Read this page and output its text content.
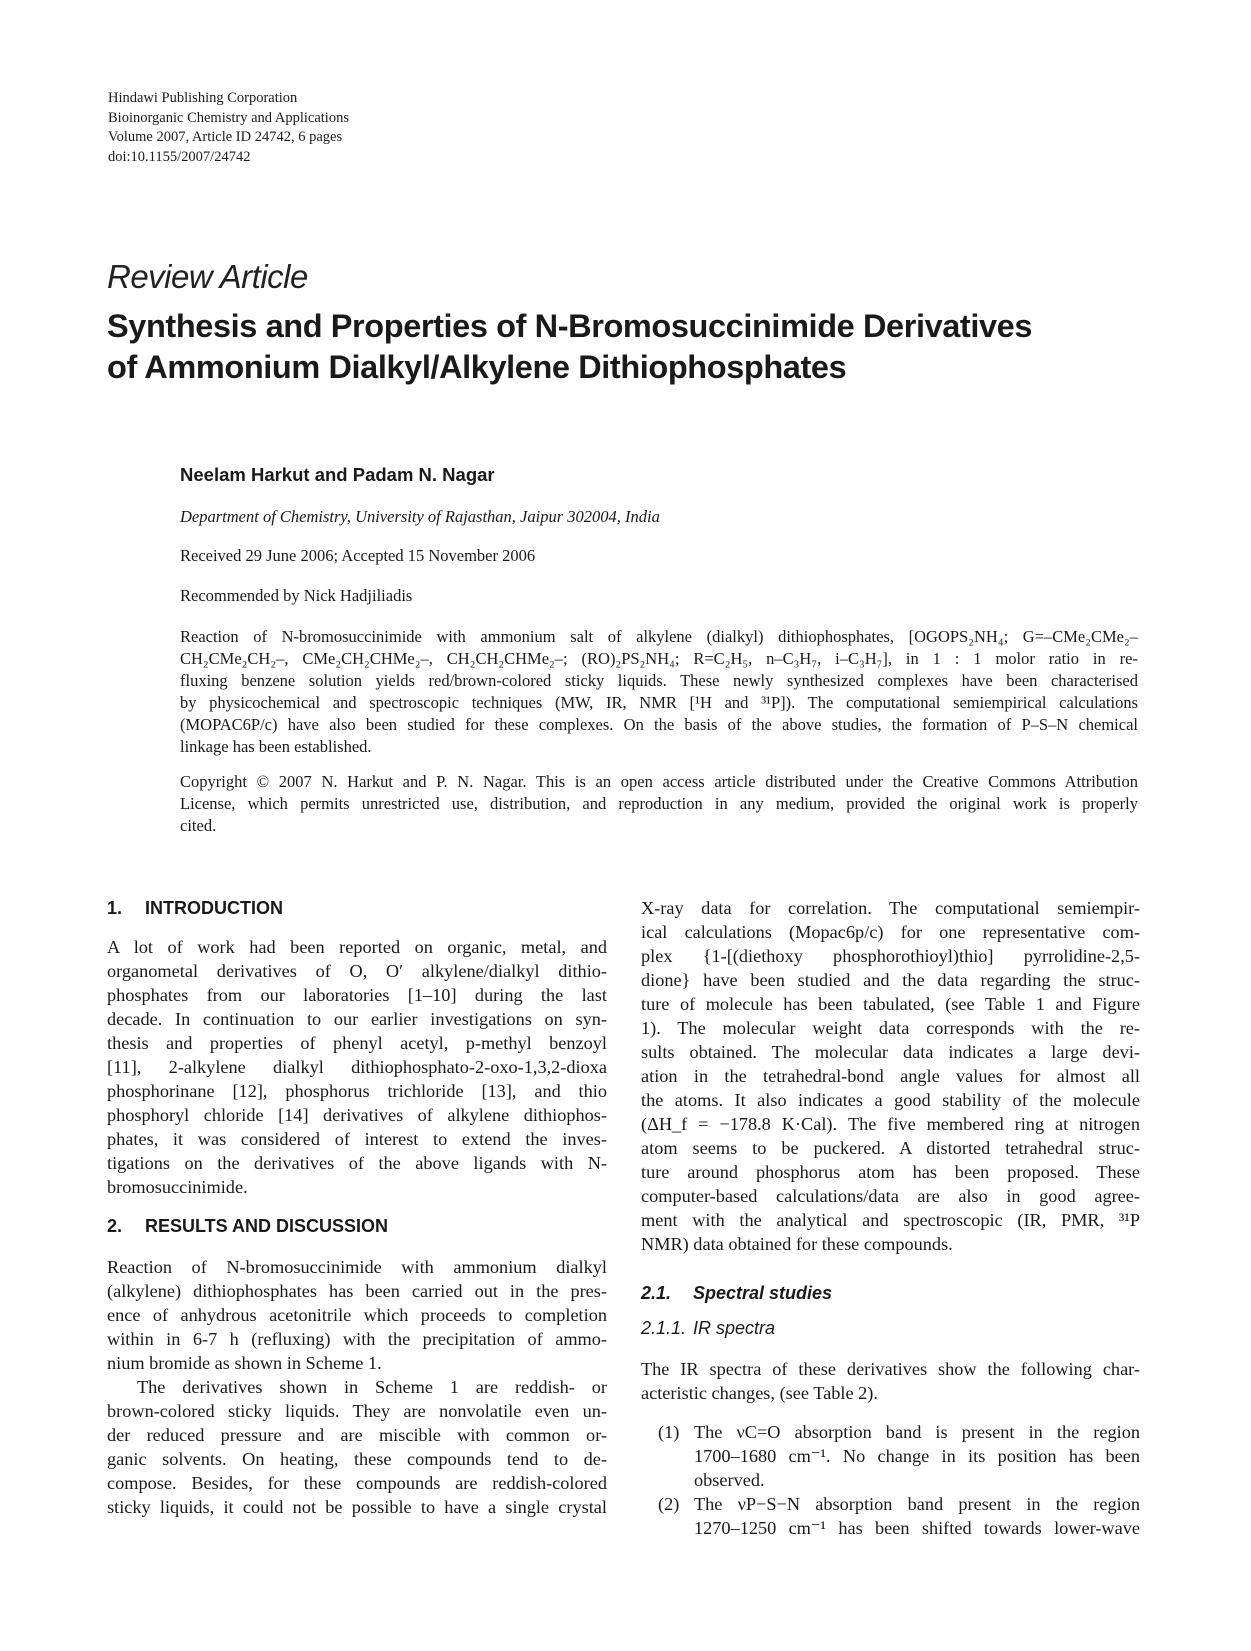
Hindawi Publishing Corporation
Bioinorganic Chemistry and Applications
Volume 2007, Article ID 24742, 6 pages
doi:10.1155/2007/24742
Review Article
Synthesis and Properties of N-Bromosuccinimide Derivatives
of Ammonium Dialkyl/Alkylene Dithiophosphates
Neelam Harkut and Padam N. Nagar
Department of Chemistry, University of Rajasthan, Jaipur 302004, India
Received 29 June 2006; Accepted 15 November 2006
Recommended by Nick Hadjiliadis
Reaction of N-bromosuccinimide with ammonium salt of alkylene (dialkyl) dithiophosphates, [OGOPS₂NH₄; G=–CMe₂CMe₂–
CH₂CMe₂CH₂–, CMe₂CH₂CHMe₂–, CH₂CH₂CHMe₂–; (RO)₂PS₂NH₄; R=C₂H₅, n–C₃H₇, i–C₃H₇], in 1 : 1 molor ratio in re-
fluxing benzene solution yields red/brown-colored sticky liquids. These newly synthesized complexes have been characterised
by physicochemical and spectroscopic techniques (MW, IR, NMR [¹H and ³¹P]). The computational semiempirical calculations
(MOPAC6P/c) have also been studied for these complexes. On the basis of the above studies, the formation of P–S–N chemical
linkage has been established.
Copyright © 2007 N. Harkut and P. N. Nagar. This is an open access article distributed under the Creative Commons Attribution
License, which permits unrestricted use, distribution, and reproduction in any medium, provided the original work is properly
cited.
1. INTRODUCTION
A lot of work had been reported on organic, metal, and
organometal derivatives of O, O′ alkylene/dialkyl dithio-
phosphates from our laboratories [1–10] during the last
decade. In continuation to our earlier investigations on syn-
thesis and properties of phenyl acetyl, p-methyl benzoyl
[11], 2-alkylene dialkyl dithiophosphato-2-oxo-1,3,2-dioxa
phosphorinane [12], phosphorus trichloride [13], and thio
phosphoryl chloride [14] derivatives of alkylene dithiophos-
phates, it was considered of interest to extend the inves-
tigations on the derivatives of the above ligands with N-
bromosuccinimide.
2. RESULTS AND DISCUSSION
Reaction of N-bromosuccinimide with ammonium dialkyl
(alkylene) dithiophosphates has been carried out in the pres-
ence of anhydrous acetonitrile which proceeds to completion
within in 6-7 h (refluxing) with the precipitation of ammo-
nium bromide as shown in Scheme 1.
The derivatives shown in Scheme 1 are reddish- or
brown-colored sticky liquids. They are nonvolatile even un-
der reduced pressure and are miscible with common or-
ganic solvents. On heating, these compounds tend to de-
compose. Besides, for these compounds are reddish-colored
sticky liquids, it could not be possible to have a single crystal
X-ray data for correlation. The computational semiempir-
ical calculations (Mopac6p/c) for one representative com-
plex {1-[(diethoxy phosphorothioyl)thio] pyrrolidine-2,5-
dione} have been studied and the data regarding the struc-
ture of molecule has been tabulated, (see Table 1 and Figure
1). The molecular weight data corresponds with the re-
sults obtained. The molecular data indicates a large devi-
ation in the tetrahedral-bond angle values for almost all
the atoms. It also indicates a good stability of the molecule
(ΔH_f = −178.8 K·Cal). The five membered ring at nitrogen
atom seems to be puckered. A distorted tetrahedral struc-
ture around phosphorus atom has been proposed. These
computer-based calculations/data are also in good agree-
ment with the analytical and spectroscopic (IR, PMR, ³¹P
NMR) data obtained for these compounds.
2.1. Spectral studies
2.1.1. IR spectra
The IR spectra of these derivatives show the following char-
acteristic changes, (see Table 2).
(1) The νC=O absorption band is present in the region
1700–1680 cm⁻¹. No change in its position has been
observed.
(2) The νP−S−N absorption band present in the region
1270–1250 cm⁻¹ has been shifted towards lower-wave
